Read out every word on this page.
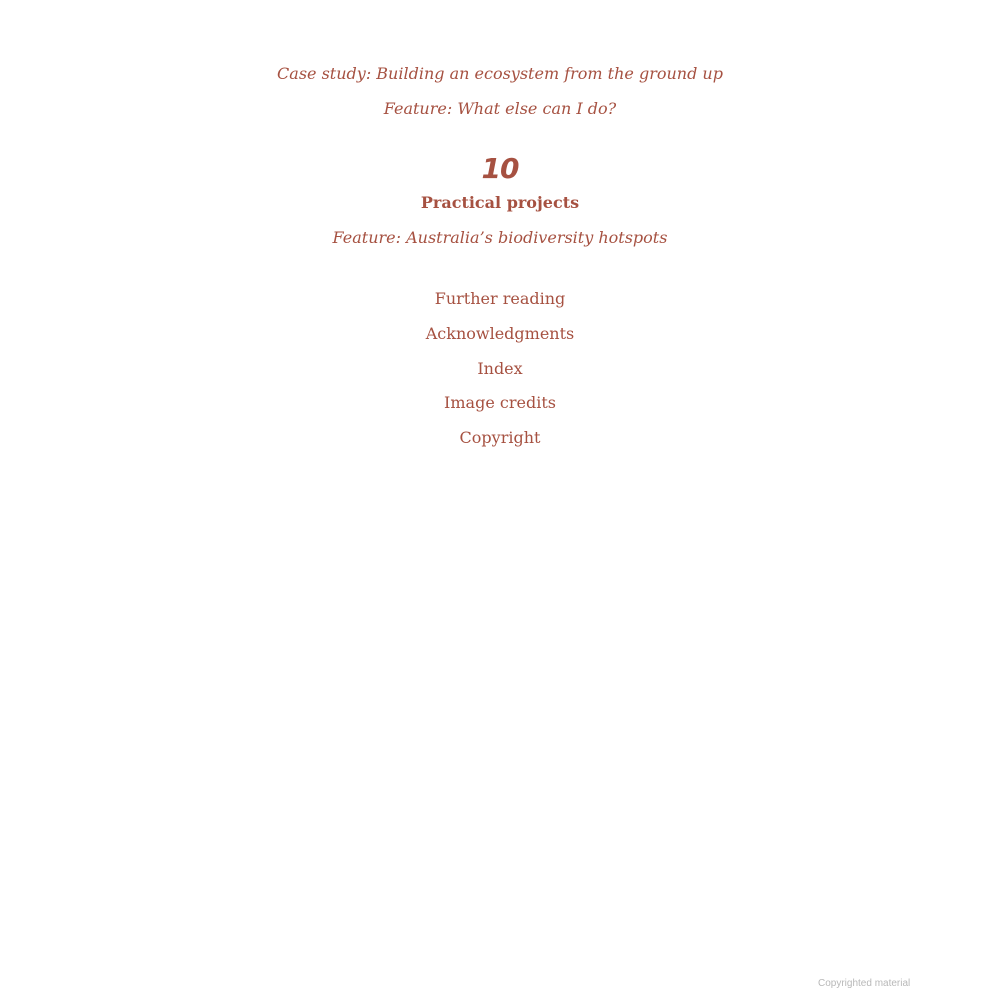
Case study: Building an ecosystem from the ground up
Feature: What else can I do?
10
Practical projects
Feature: Australia’s biodiversity hotspots
Further reading
Acknowledgments
Index
Image credits
Copyright
Copyrighted material
